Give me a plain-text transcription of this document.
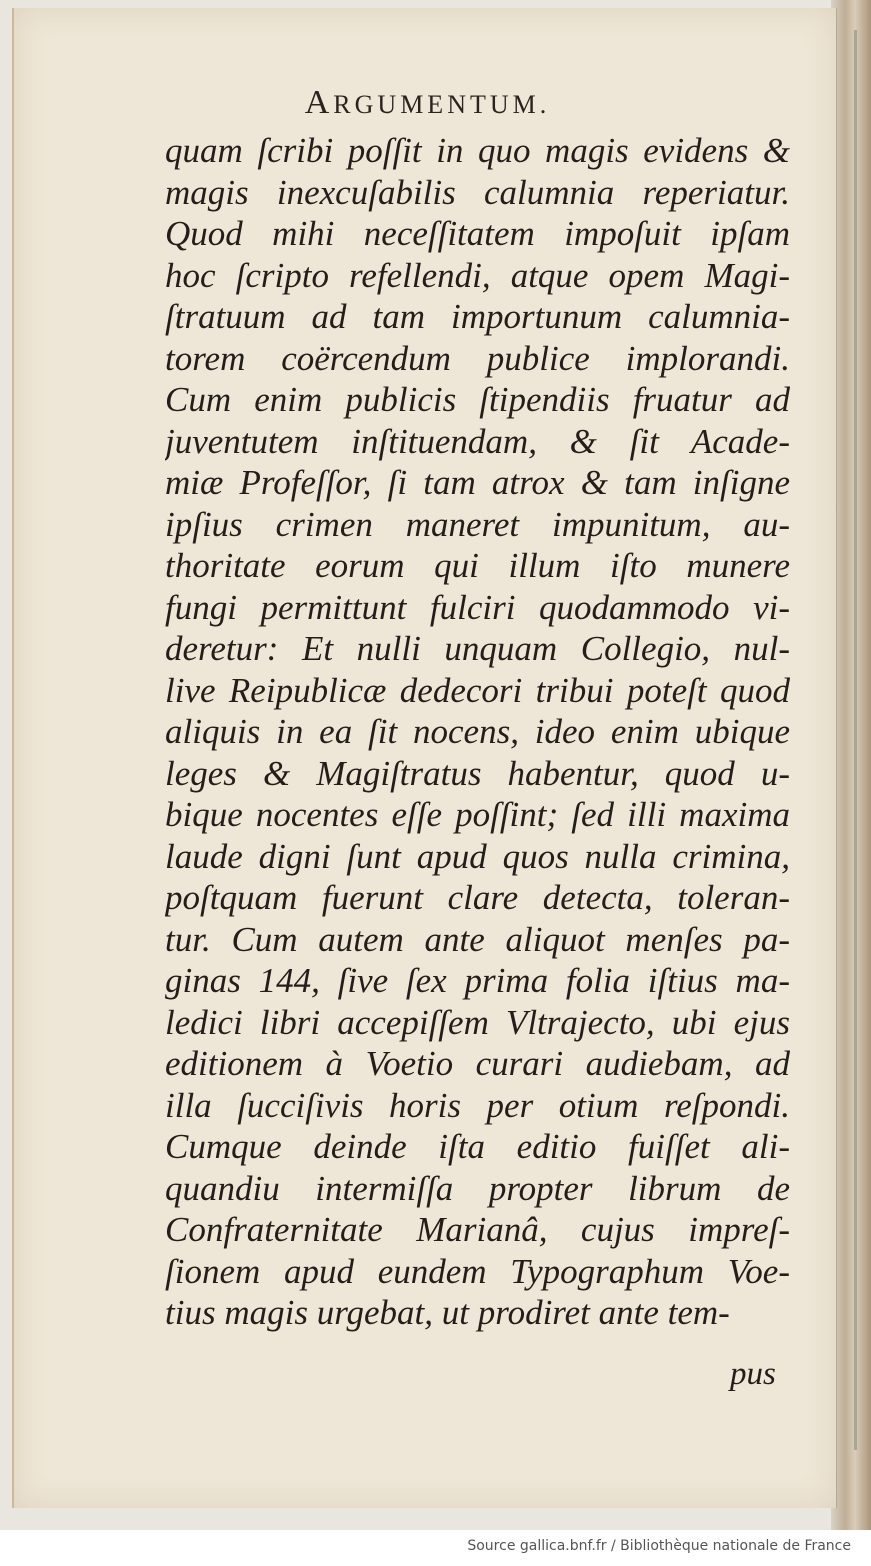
ARGUMENTUM.
quam ſcribi poſſit in quo magis evidens &
magis inexcuſabilis calumnia reperiatur.
Quod mihi neceſſitatem impoſuit ipſam
hoc ſcripto refellendi, atque opem Magi-
ſtratuum ad tam importunum calumnia-
torem coërcendum publice implorandi.
Cum enim publicis ſtipendiis fruatur ad
juventutem inſtituendam, & ſit Acade-
miæ Profeſſor, ſi tam atrox & tam inſigne
ipſius crimen maneret impunitum, au-
thoritate eorum qui illum iſto munere
fungi permittunt fulciri quodammodo vi-
deretur: Et nulli unquam Collegio, nul-
live Reipublicæ dedecori tribui poteſt quod
aliquis in ea ſit nocens, ideo enim ubique
leges & Magiſtratus habentur, quod u-
bique nocentes eſſe poſſint; ſed illi maxima
laude digni ſunt apud quos nulla crimina,
poſtquam fuerunt clare detecta, toleran-
tur. Cum autem ante aliquot menſes pa-
ginas 144, ſive ſex prima folia iſtius ma-
ledici libri accepiſſem Vltrajecto, ubi ejus
editionem à Voetio curari audiebam, ad
illa ſucciſivis horis per otium reſpondi.
Cumque deinde iſta editio fuiſſet ali-
quandiu intermiſſa propter librum de
Confraternitate Marianâ, cujus impreſ-
ſionem apud eundem Typographum Voe-
tius magis urgebat, ut prodiret ante tem-
pus
Source gallica.bnf.fr / Bibliothèque nationale de France
